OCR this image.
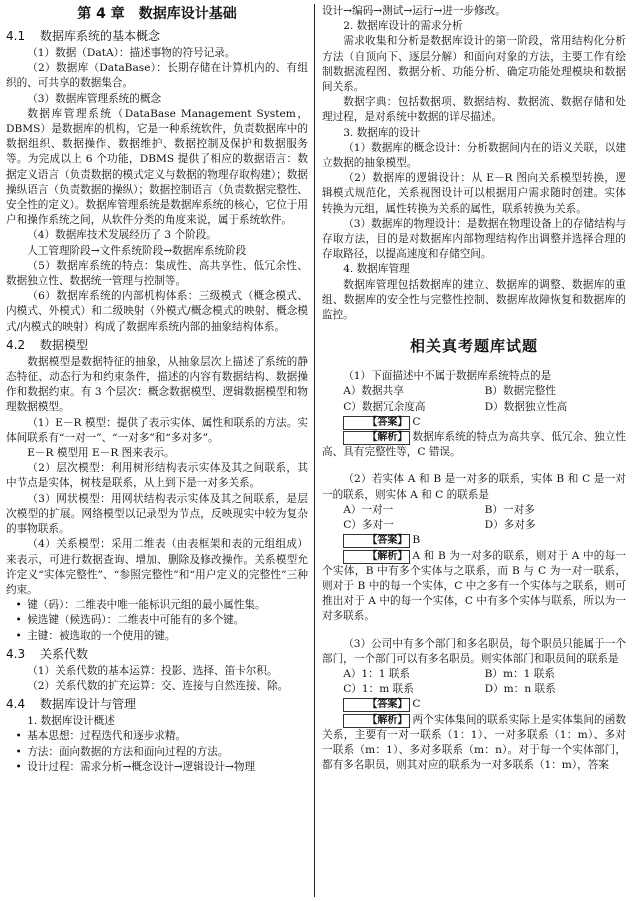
第 4 章　数据库设计基础
4.1 数据库系统的基本概念

（1）数据（DatA）：描述事物的符号记录。

（2）数据库（DataBase）：长期存储在计算机内的、有组织的、可共享的数据集合。

（3）数据库管理系统的概念

数据库管理系统（DataBase Management System，DBMS）是数据库的机构，它是一种系统软件，负责数据库中的数据组织、数据操作、数据维护、数据控制及保护和数据服务等。为完成以上 6 个功能，DBMS 提供了相应的数据语言：数据定义语言（负责数据的模式定义与数据的物理存取构建）；数据操纵语言（负责数据的操纵）；数据控制语言（负责数据完整性、安全性的定义）。数据库管理系统是数据库系统的核心，它位于用户和操作系统之间，从软件分类的角度来说，属于系统软件。

（4）数据库技术发展经历了 3 个阶段。

人工管理阶段→文件系统阶段→数据库系统阶段

（5）数据库系统的特点：集成性、高共享性、低冗余性、数据独立性、数据统一管理与控制等。

（6）数据库系统的内部机构体系：三级模式（概念模式、内模式、外模式）和二级映射（外模式/概念模式的映射、概念模式/内模式的映射）构成了数据库系统内部的抽象结构体系。

4.2 数据模型

数据模型是数据特征的抽象，从抽象层次上描述了系统的静态特征、动态行为和约束条件，描述的内容有数据结构、数据操作和数据约束。有 3 个层次：概念数据模型、逻辑数据模型和物理数据模型。

（1）E－R 模型：提供了表示实体、属性和联系的方法。实体间联系有“一对一”、“一对多”和“多对多”。

E－R 模型用 E－R 图来表示。

（2）层次模型：利用树形结构表示实体及其之间联系，其中节点是实体，树枝是联系，从上到下是一对多关系。

（3）网状模型：用网状结构表示实体及其之间联系，是层次模型的扩展。网络模型以记录型为节点，反映现实中较为复杂的事物联系。

（4）关系模型：采用二维表（由表框架和表的元组组成）来表示，可进行数据查询、增加、删除及修改操作。关系模型允许定义“实体完整性”、“参照完整性”和“用户定义的完整性”三种约束。

• 键（码）：二维表中唯一能标识元组的最小属性集。

• 候选键（候选码）：二维表中可能有的多个键。

• 主键：被选取的一个使用的键。

4.3 关系代数

（1）关系代数的基本运算：投影、选择、笛卡尔积。

（2）关系代数的扩充运算：交、连接与自然连接、除。

4.4 数据库设计与管理

1. 数据库设计概述

• 基本思想：过程迭代和逐步求精。

• 方法：面向数据的方法和面向过程的方法。

• 设计过程：需求分析→概念设计→逻辑设计→物理

设计→编码→测试→运行→进一步修改。

2. 数据库设计的需求分析

需求收集和分析是数据库设计的第一阶段，常用结构化分析方法（自顶向下、逐层分解）和面向对象的方法，主要工作有绘制数据流程图、数据分析、功能分析、确定功能处理模块和数据间关系。

数据字典：包括数据项、数据结构、数据流、数据存储和处理过程，是对系统中数据的详尽描述。

3. 数据库的设计

（1）数据库的概念设计：分析数据间内在的语义关联，以建立数据的抽象模型。

（2）数据库的逻辑设计：从 E－R 图向关系模型转换，逻辑模式规范化，关系视图设计可以根据用户需求随时创建。实体转换为元组，属性转换为关系的属性，联系转换为关系。

（3）数据库的物理设计：是数据在物理设备上的存储结构与存取方法，目的是对数据库内部物理结构作出调整并选择合理的存取路径，以提高速度和存储空间。

4. 数据库管理

数据库管理包括数据库的建立、数据库的调整、数据库的重组、数据库的安全性与完整性控制、数据库故障恢复和数据库的监控。

相关真考题库试题

（1）下面描述中不属于数据库系统特点的是

A）数据共享	B）数据完整性
C）数据冗余度高	D）数据独立性高

【答案】 C

【解析】 数据库系统的特点为高共享、低冗余、独立性高、具有完整性等，C 错误。

（2）若实体 A 和 B 是一对多的联系，实体 B 和 C 是一对一的联系，则实体 A 和 C 的联系是

A）一对一	B）一对多
C）多对一	D）多对多

【答案】 B

【解析】 A 和 B 为一对多的联系，则对于 A 中的每一个实体，B 中有多个实体与之联系，而 B 与 C 为一对一联系，则对于 B 中的每一个实体，C 中之多有一个实体与之联系，则可推出对于 A 中的每一个实体，C 中有多个实体与联系，所以为一对多联系。

（3）公司中有多个部门和多名职员，每个职员只能属于一个部门，一个部门可以有多名职员。则实体部门和职员间的联系是

A）1：1 联系	B）m：1 联系
C）1：m 联系	D）m：n 联系

【答案】 C

【解析】 两个实体集间的联系实际上是实体集间的函数关系，主要有一对一联系（1：1）、一对多联系（1：m）、多对一联系（m：1）、多对多联系（m：n）。对于每一个实体部门，都有多名职员，则其对应的联系为一对多联系（1：m），答案
